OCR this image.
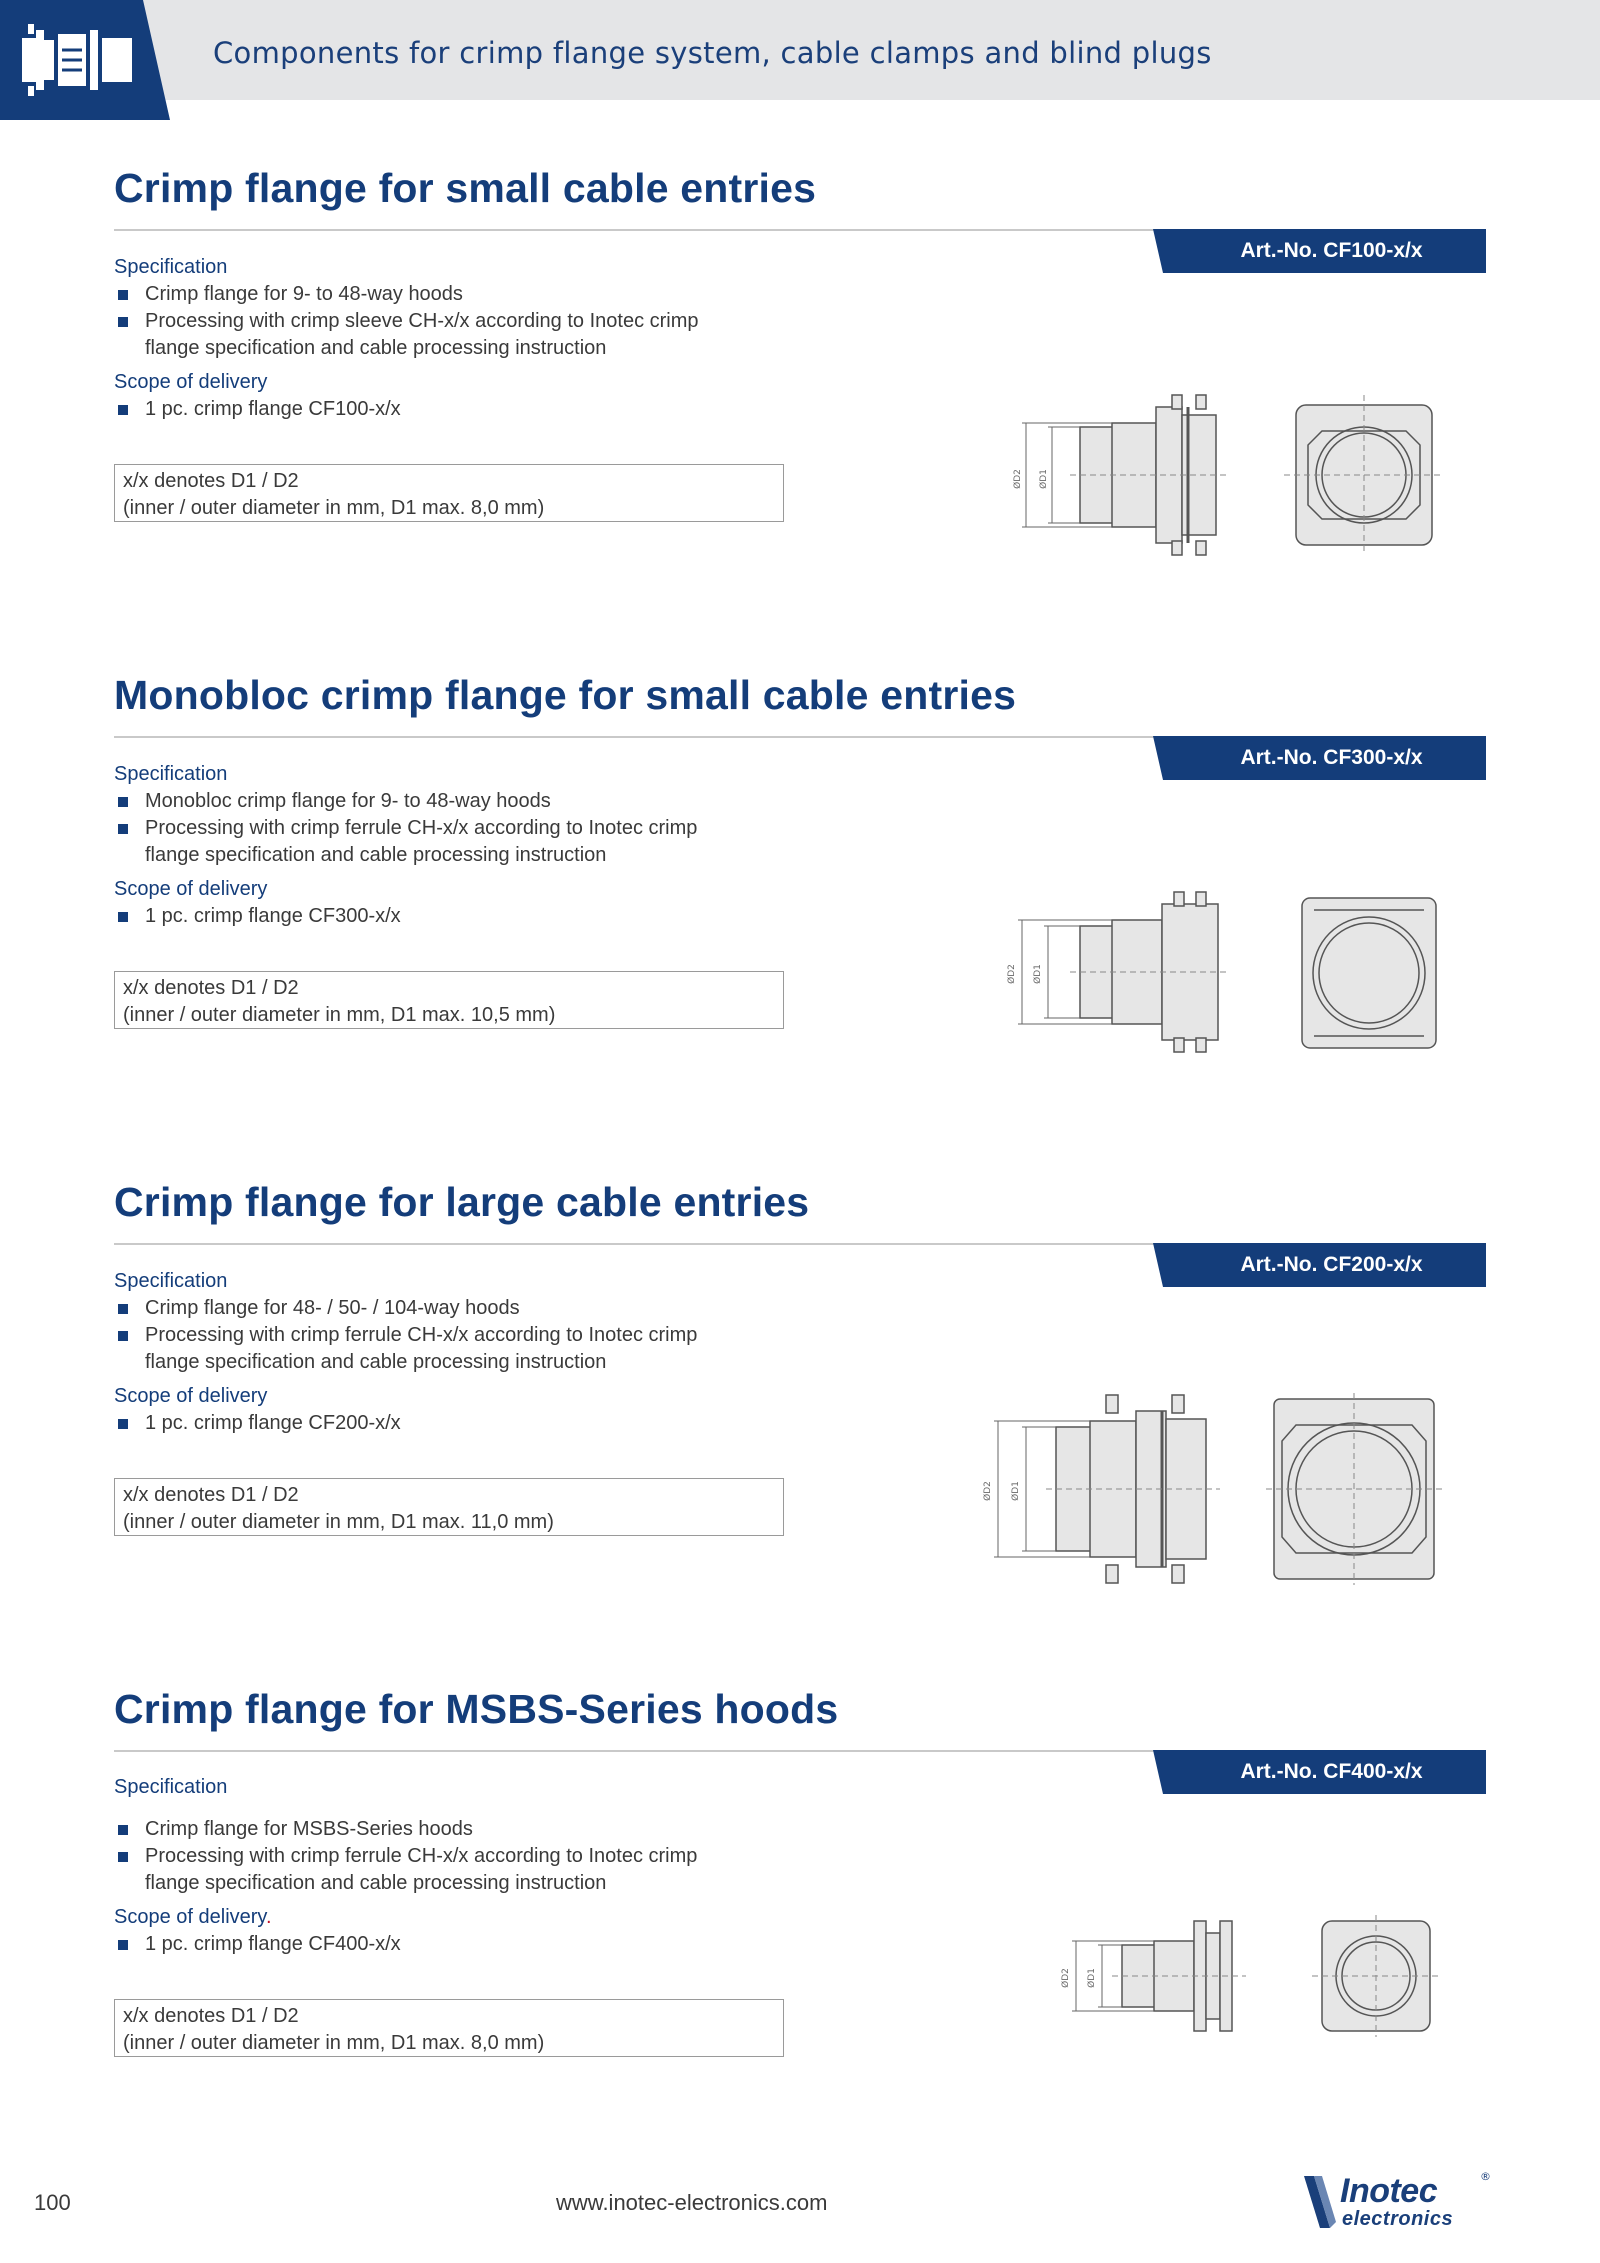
Components for crimp flange system, cable clamps and blind plugs
Crimp flange for small cable entries
Art.-No. CF100-x/x
Specification
Crimp flange for 9- to 48-way hoods
Processing with crimp sleeve CH-x/x according to Inotec crimp flange specification and cable processing instruction
Scope of delivery
1 pc. crimp flange CF100-x/x
x/x denotes D1 / D2
(inner / outer diameter in mm, D1 max. 8,0 mm)
ØD2 ØD1
Monobloc crimp flange for small cable entries
Art.-No. CF300-x/x
Specification
Monobloc crimp flange for 9- to 48-way hoods
Processing with crimp ferrule CH-x/x according to Inotec crimp flange specification and cable processing instruction
Scope of delivery
1 pc. crimp flange CF300-x/x
x/x denotes D1 / D2
(inner / outer diameter in mm, D1 max. 10,5 mm)
ØD2 ØD1
Crimp flange for large cable entries
Art.-No. CF200-x/x
Specification
Crimp flange for 48- / 50- / 104-way hoods
Processing with crimp ferrule CH-x/x according to Inotec crimp flange specification and cable processing instruction
Scope of delivery
1 pc. crimp flange CF200-x/x
x/x denotes D1 / D2
(inner / outer diameter in mm, D1 max. 11,0 mm)
ØD2 ØD1
Crimp flange for MSBS-Series hoods
Art.-No. CF400-x/x
Specification
Crimp flange for MSBS-Series hoods
Processing with crimp ferrule CH-x/x according to Inotec crimp flange specification and cable processing instruction
Scope of delivery.
1 pc. crimp flange CF400-x/x
x/x denotes D1 / D2
(inner / outer diameter in mm, D1 max. 8,0 mm)
ØD2 ØD1
100	www.inotec-electronics.com	Inotec
electronics
®
